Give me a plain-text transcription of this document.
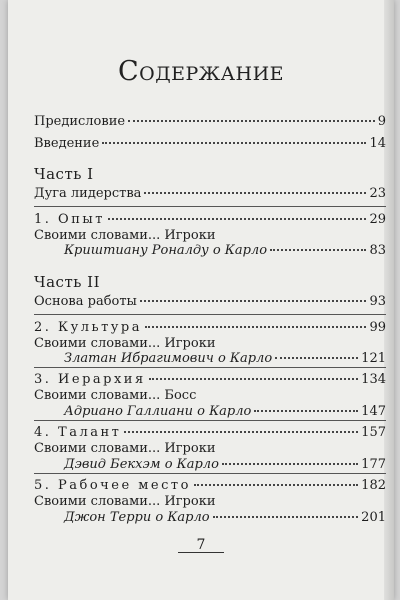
Содержание
Предисловие	9
Введение	14
Часть I
Дуга лидерства	23
1. Опыт	29
Своими словами... Игроки
Криштиану Роналду о Карло	83
Часть II
Основа работы	93
2. Культура	99
Своими словами... Игроки
Златан Ибрагимович о Карло	121
3. Иерархия	134
Своими словами... Босс
Адриано Галлиани о Карло	147
4. Талант	157
Своими словами... Игроки
Дэвид Бекхэм о Карло	177
5. Рабочее место	182
Своими словами... Игроки
Джон Терри о Карло	201
7
